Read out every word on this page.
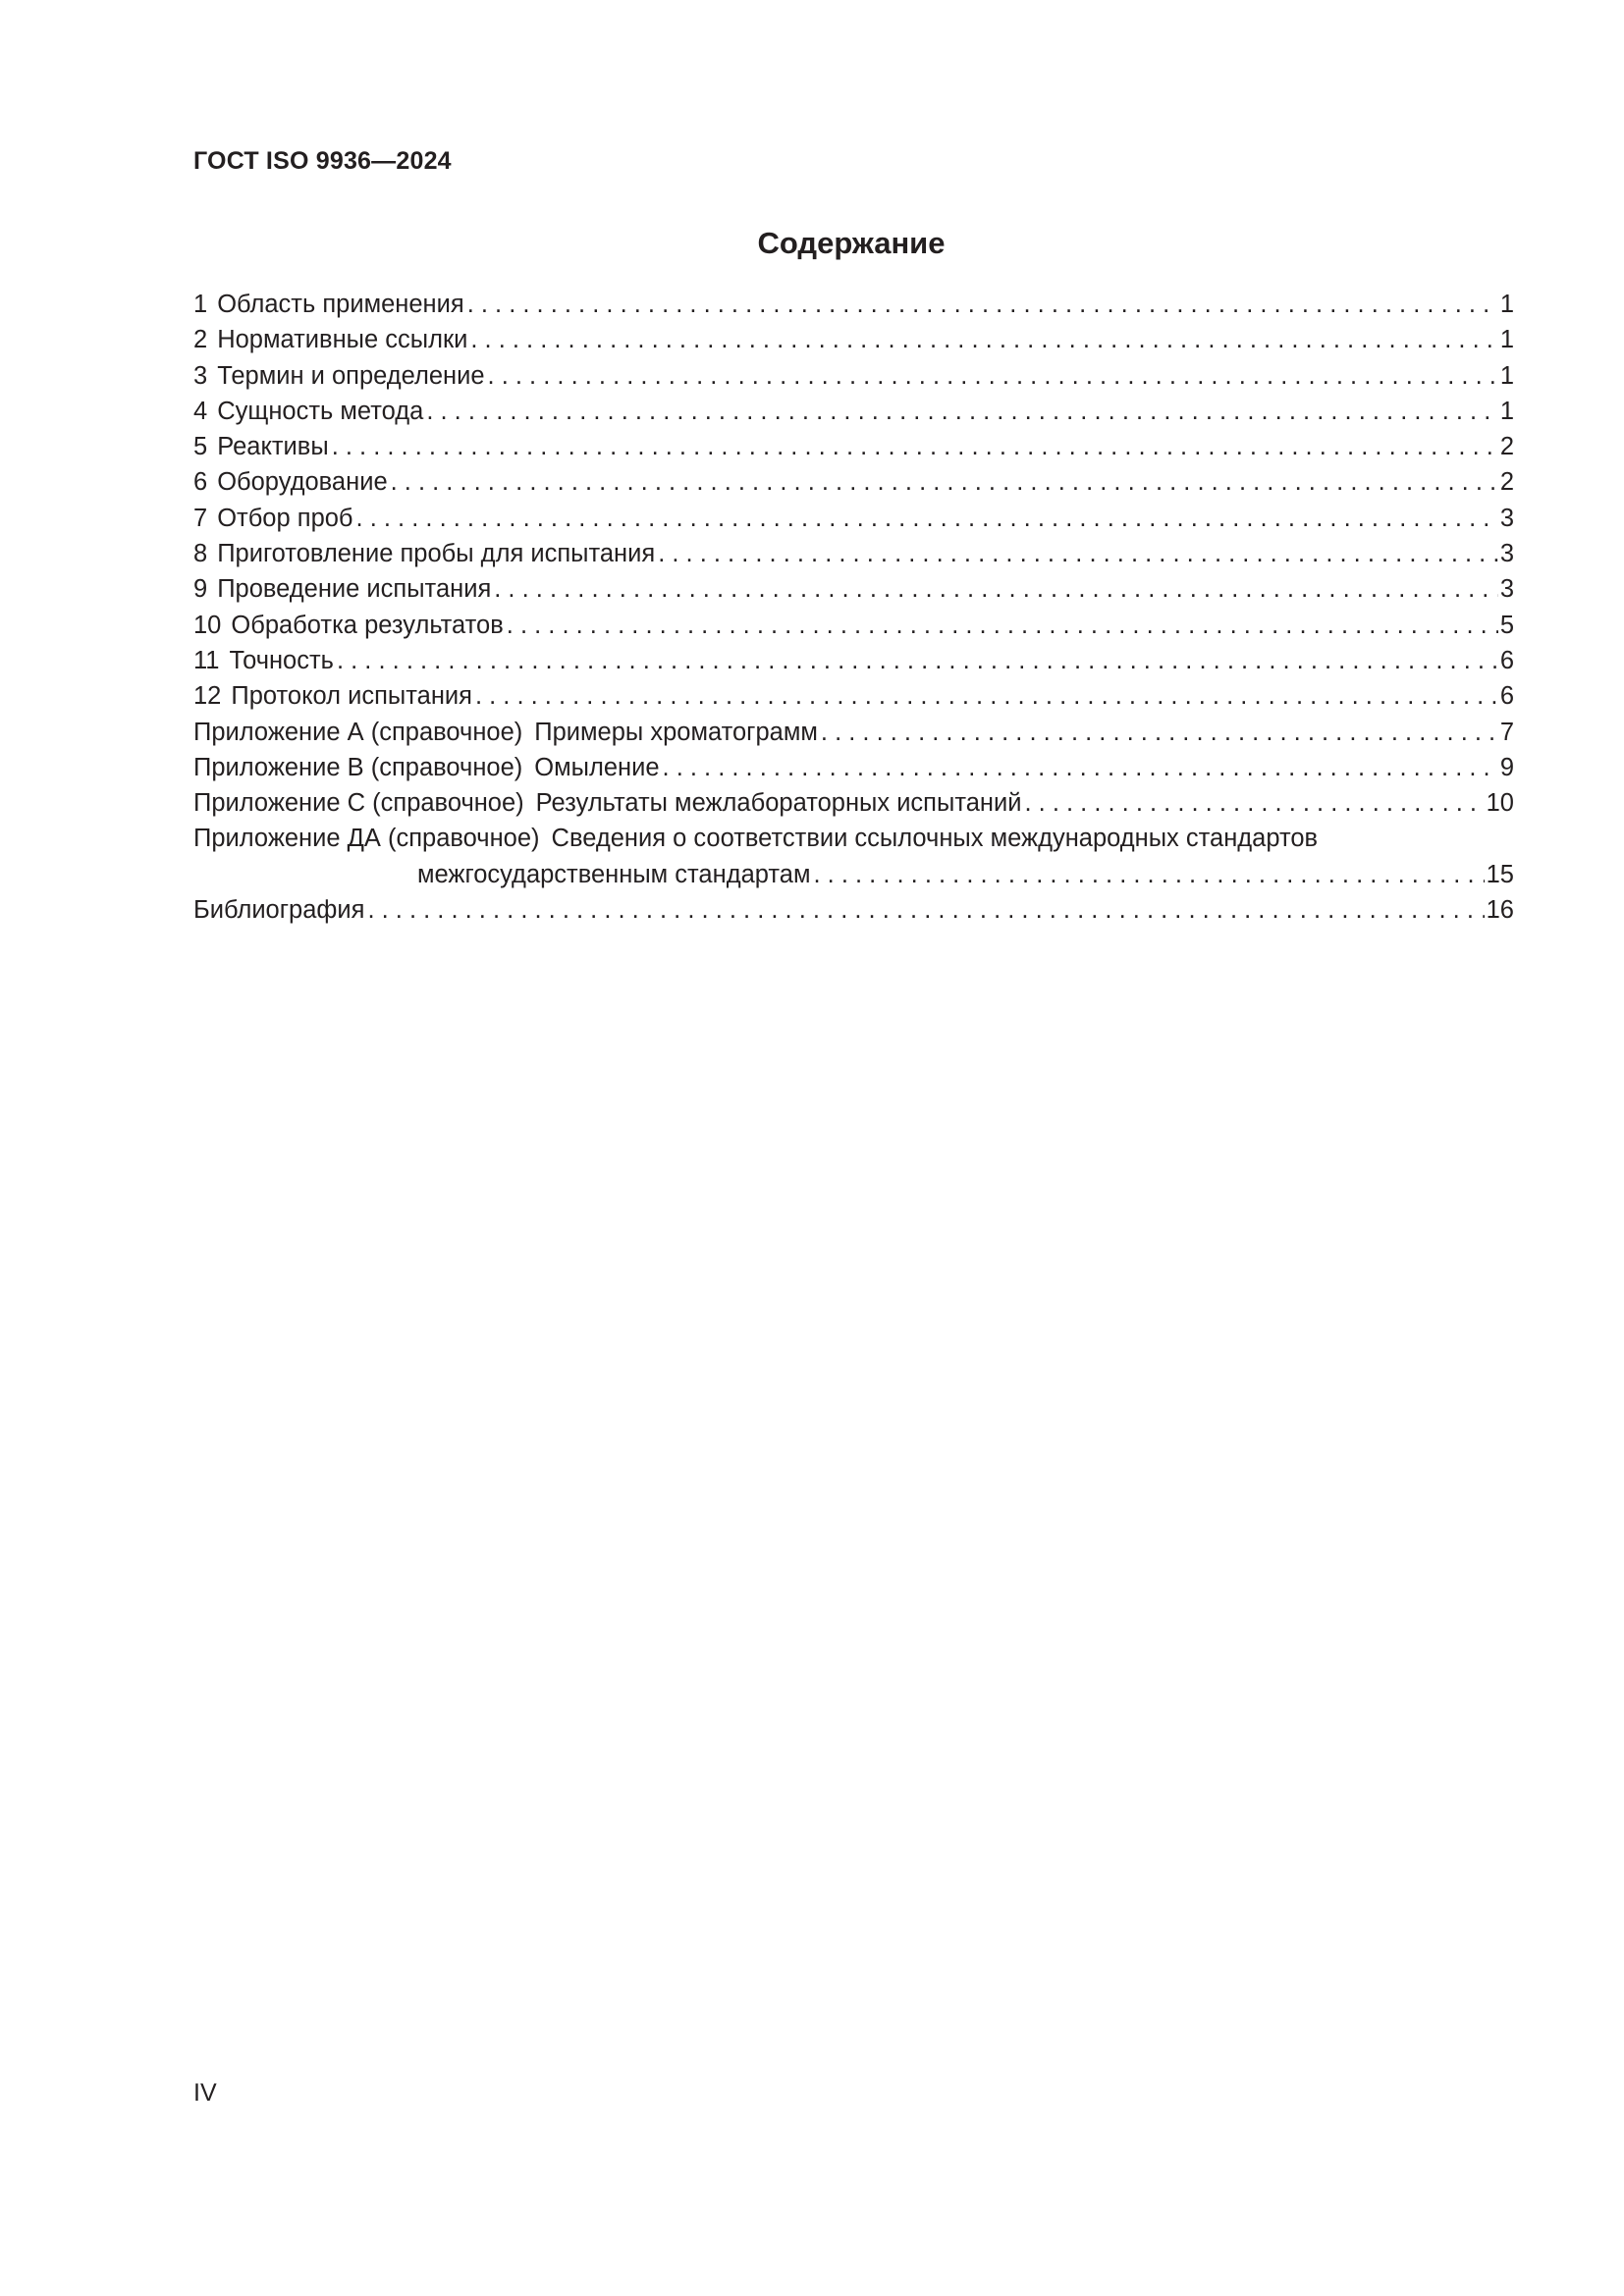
ГОСТ ISO 9936—2024
Содержание
1 Область применения . . .	1
2 Нормативные ссылки . . .	1
3 Термин и определение . . .	1
4 Сущность метода . . .	1
5 Реактивы . . .	2
6 Оборудование . . .	2
7 Отбор проб . . .	3
8 Приготовление пробы для испытания . . .	3
9 Проведение испытания . . .	3
10 Обработка результатов . . .	5
11 Точность . . .	6
12 Протокол испытания . . .	6
Приложение А (справочное) Примеры хроматограмм . . .	7
Приложение В (справочное) Омыление . . .	9
Приложение С (справочное) Результаты межлабораторных испытаний . . .	10
Приложение ДА (справочное) Сведения о соответствии ссылочных международных стандартов
межгосударственным стандартам . . .	15
Библиография . . .	16
IV
